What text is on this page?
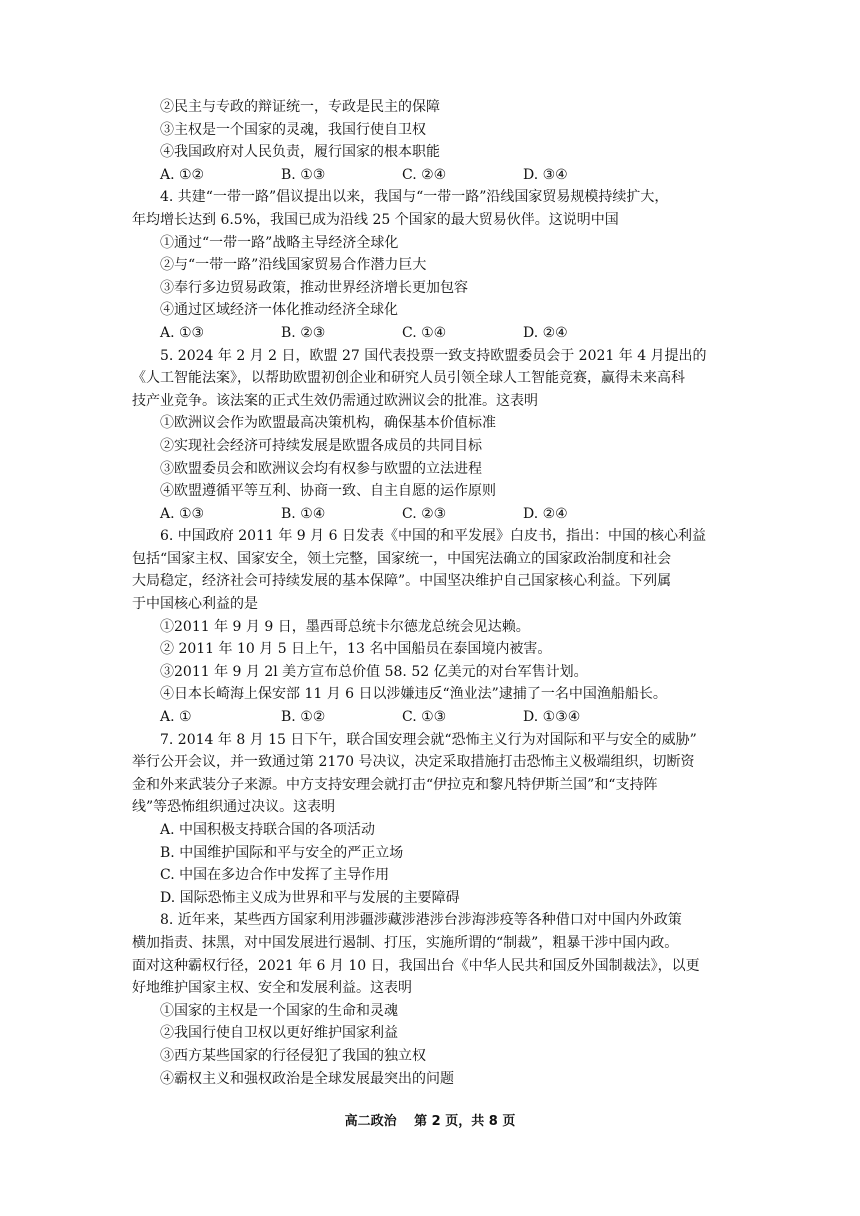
②民主与专政的辩证统一，专政是民主的保障
③主权是一个国家的灵魂，我国行使自卫权
④我国政府对人民负责，履行国家的根本职能
A. ①②	B. ①③	C. ②④	D. ③④
4. 共建“一带一路”倡议提出以来，我国与“一带一路”沿线国家贸易规模持续扩大，
年均增长达到 6.5%，我国已成为沿线 25 个国家的最大贸易伙伴。这说明中国
①通过“一带一路”战略主导经济全球化
②与“一带一路”沿线国家贸易合作潜力巨大
③奉行多边贸易政策，推动世界经济增长更加包容
④通过区域经济一体化推动经济全球化
A. ①③	B. ②③	C. ①④	D. ②④
5. 2024 年 2 月 2 日，欧盟 27 国代表投票一致支持欧盟委员会于 2021 年 4 月提出的
《人工智能法案》，以帮助欧盟初创企业和研究人员引领全球人工智能竞赛，赢得未来高科
技产业竞争。该法案的正式生效仍需通过欧洲议会的批准。这表明
①欧洲议会作为欧盟最高决策机构，确保基本价值标准
②实现社会经济可持续发展是欧盟各成员的共同目标
③欧盟委员会和欧洲议会均有权参与欧盟的立法进程
④欧盟遵循平等互利、协商一致、自主自愿的运作原则
A. ①③	B. ①④	C. ②③	D. ②④
6. 中国政府 2011 年 9 月 6 日发表《中国的和平发展》白皮书，指出：中国的核心利益
包括“国家主权、国家安全，领土完整，国家统一，中国宪法确立的国家政治制度和社会
大局稳定，经济社会可持续发展的基本保障”。中国坚决维护自己国家核心利益。下列属
于中国核心利益的是
①2011 年 9 月 9 日，墨西哥总统卡尔德龙总统会见达赖。
② 2011 年 10 月 5 日上午，13 名中国船员在泰国境内被害。
③2011 年 9 月 2l 美方宣布总价值 58. 52 亿美元的对台军售计划。
④日本长崎海上保安部 11 月 6 日以涉嫌违反“渔业法”逮捕了一名中国渔船船长。
A. ①	B. ①②	C. ①③	D. ①③④
7. 2014 年 8 月 15 日下午，联合国安理会就“恐怖主义行为对国际和平与安全的威胁”
举行公开会议，并一致通过第 2170 号决议，决定采取措施打击恐怖主义极端组织，切断资
金和外来武装分子来源。中方支持安理会就打击“伊拉克和黎凡特伊斯兰国”和“支持阵
线”等恐怖组织通过决议。这表明
A. 中国积极支持联合国的各项活动
B. 中国维护国际和平与安全的严正立场
C. 中国在多边合作中发挥了主导作用
D. 国际恐怖主义成为世界和平与发展的主要障碍
8. 近年来，某些西方国家利用涉疆涉藏涉港涉台涉海涉疫等各种借口对中国内外政策
横加指责、抹黑，对中国发展进行遏制、打压，实施所谓的“制裁”，粗暴干涉中国内政。
面对这种霸权行径，2021 年 6 月 10 日，我国出台《中华人民共和国反外国制裁法》，以更
好地维护国家主权、安全和发展利益。这表明
①国家的主权是一个国家的生命和灵魂
②我国行使自卫权以更好维护国家利益
③西方某些国家的行径侵犯了我国的独立权
④霸权主义和强权政治是全球发展最突出的问题
高二政治　 第 2 页，共 8 页
